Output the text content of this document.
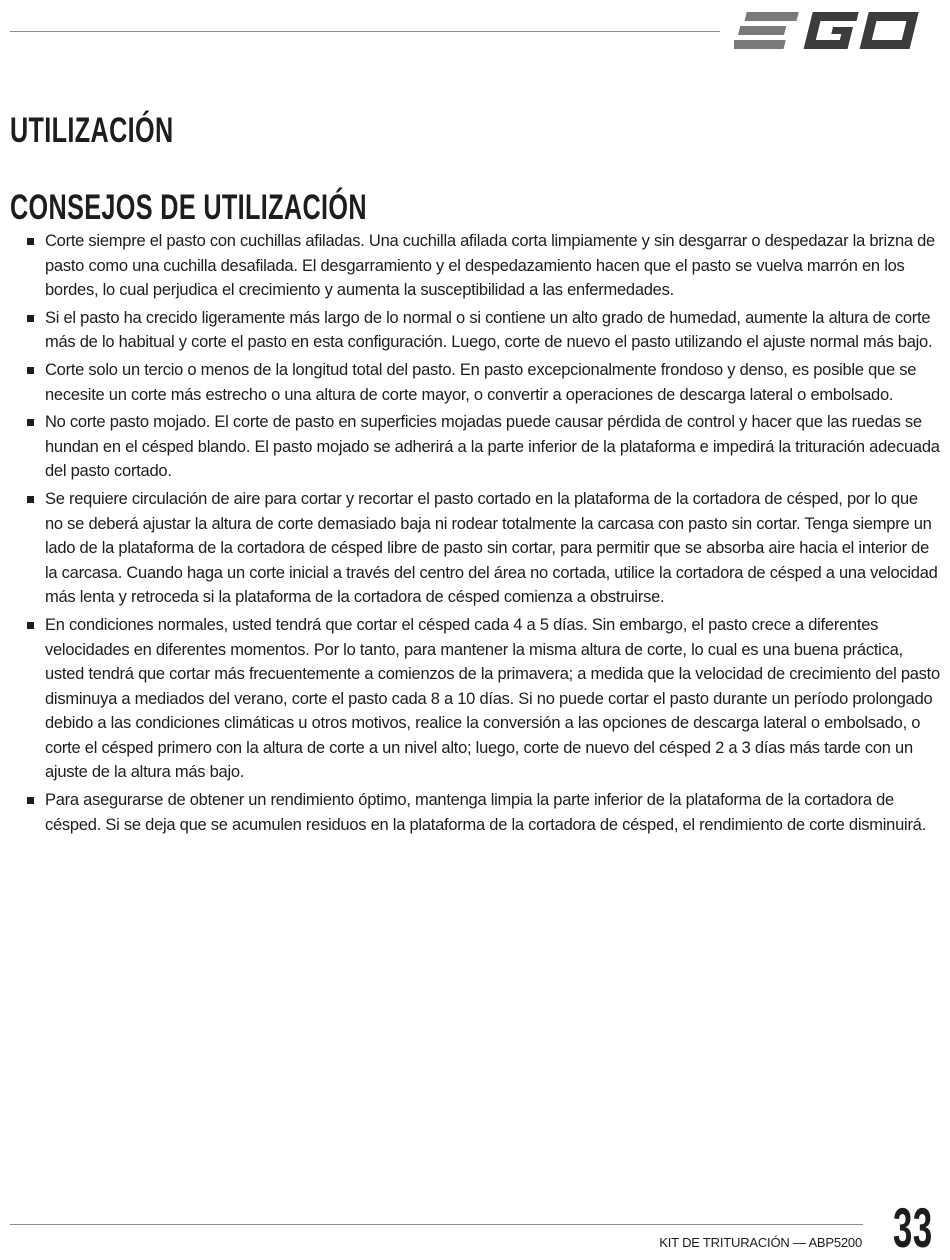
UTILIZACIÓN
CONSEJOS DE UTILIZACIÓN
Corte siempre el pasto con cuchillas afiladas. Una cuchilla afilada corta limpiamente y sin desgarrar o despedazar la brizna de pasto como una cuchilla desafilada. El desgarramiento y el despedazamiento hacen que el pasto se vuelva marrón en los bordes, lo cual perjudica el crecimiento y aumenta la susceptibilidad a las enfermedades.
Si el pasto ha crecido ligeramente más largo de lo normal o si contiene un alto grado de humedad, aumente la altura de corte más de lo habitual y corte el pasto en esta configuración. Luego, corte de nuevo el pasto utilizando el ajuste normal más bajo.
Corte solo un tercio o menos de la longitud total del pasto. En pasto excepcionalmente frondoso y denso, es posible que se necesite un corte más estrecho o una altura de corte mayor, o convertir a operaciones de descarga lateral o embolsado.
No corte pasto mojado. El corte de pasto en superficies mojadas puede causar pérdida de control y hacer que las ruedas se hundan en el césped blando. El pasto mojado se adherirá a la parte inferior de la plataforma e impedirá la trituración adecuada del pasto cortado.
Se requiere circulación de aire para cortar y recortar el pasto cortado en la plataforma de la cortadora de césped, por lo que no se deberá ajustar la altura de corte demasiado baja ni rodear totalmente la carcasa con pasto sin cortar. Tenga siempre un lado de la plataforma de la cortadora de césped libre de pasto sin cortar, para permitir que se absorba aire hacia el interior de la carcasa. Cuando haga un corte inicial a través del centro del área no cortada, utilice la cortadora de césped a una velocidad más lenta y retroceda si la plataforma de la cortadora de césped comienza a obstruirse.
En condiciones normales, usted tendrá que cortar el césped cada 4 a 5 días. Sin embargo, el pasto crece a diferentes velocidades en diferentes momentos. Por lo tanto, para mantener la misma altura de corte, lo cual es una buena práctica, usted tendrá que cortar más frecuentemente a comienzos de la primavera; a medida que la velocidad de crecimiento del pasto disminuya a mediados del verano, corte el pasto cada 8 a 10 días. Si no puede cortar el pasto durante un período prolongado debido a las condiciones climáticas u otros motivos, realice la conversión a las opciones de descarga lateral o embolsado, o corte el césped primero con la altura de corte a un nivel alto; luego, corte de nuevo del césped 2 a 3 días más tarde con un ajuste de la altura más bajo.
Para asegurarse de obtener un rendimiento óptimo, mantenga limpia la parte inferior de la plataforma de la cortadora de césped. Si se deja que se acumulen residuos en la plataforma de la cortadora de césped, el rendimiento de corte disminuirá.
KIT DE TRITURACIÓN — ABP5200 33
